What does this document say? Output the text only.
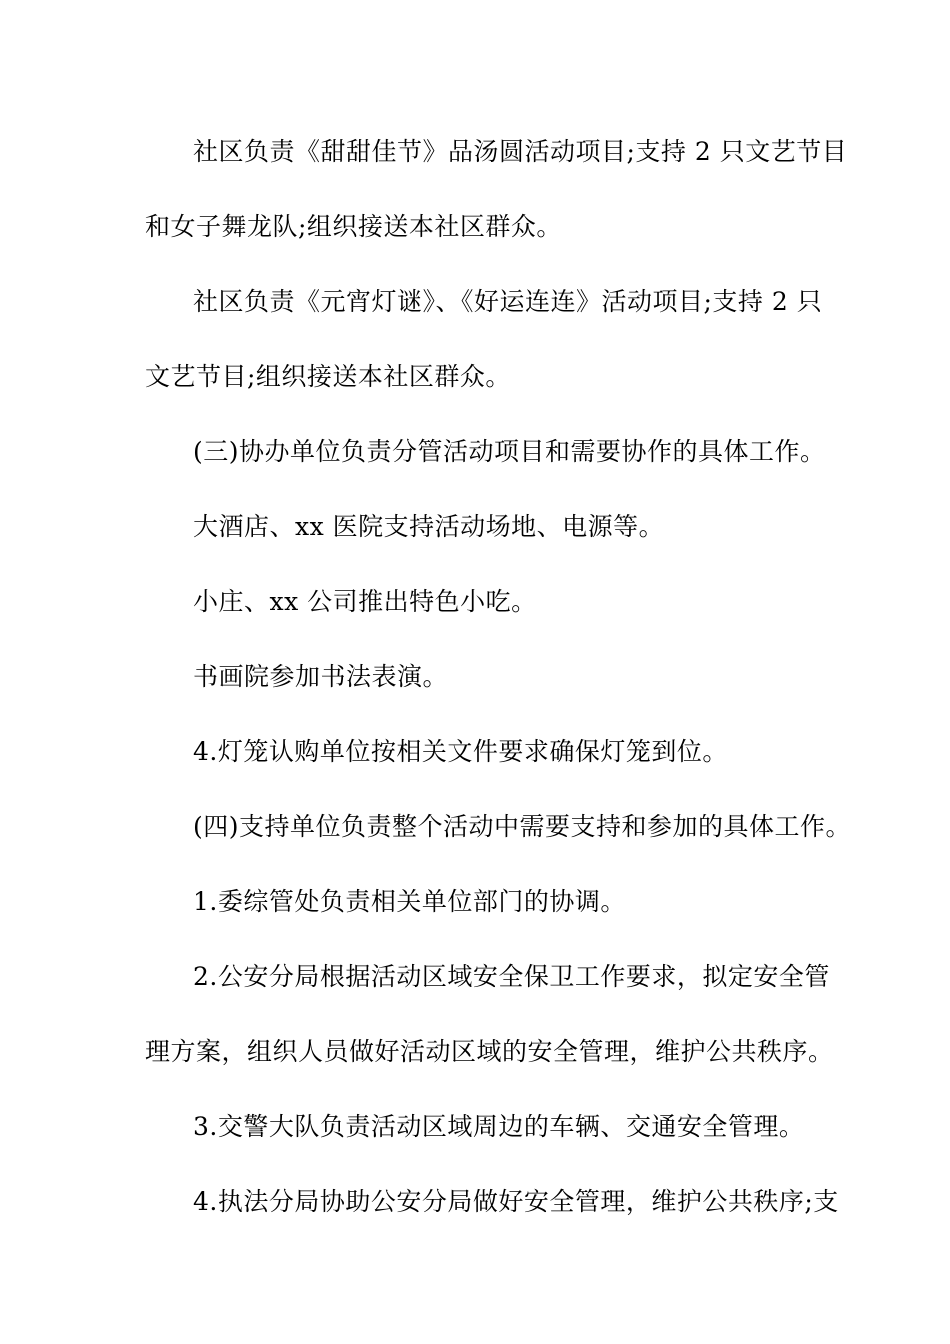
社区负责《甜甜佳节》品汤圆活动项目;支持 2 只文艺节目
和女子舞龙队;组织接送本社区群众。
社区负责《元宵灯谜》、《好运连连》活动项目;支持 2 只
文艺节目;组织接送本社区群众。
(三)协办单位负责分管活动项目和需要协作的具体工作。
大酒店、xx 医院支持活动场地、电源等。
小庄、xx 公司推出特色小吃。
书画院参加书法表演。
4.灯笼认购单位按相关文件要求确保灯笼到位。
(四)支持单位负责整个活动中需要支持和参加的具体工作。
1.委综管处负责相关单位部门的协调。
2.公安分局根据活动区域安全保卫工作要求，拟定安全管
理方案，组织人员做好活动区域的安全管理，维护公共秩序。
3.交警大队负责活动区域周边的车辆、交通安全管理。
4.执法分局协助公安分局做好安全管理，维护公共秩序;支
